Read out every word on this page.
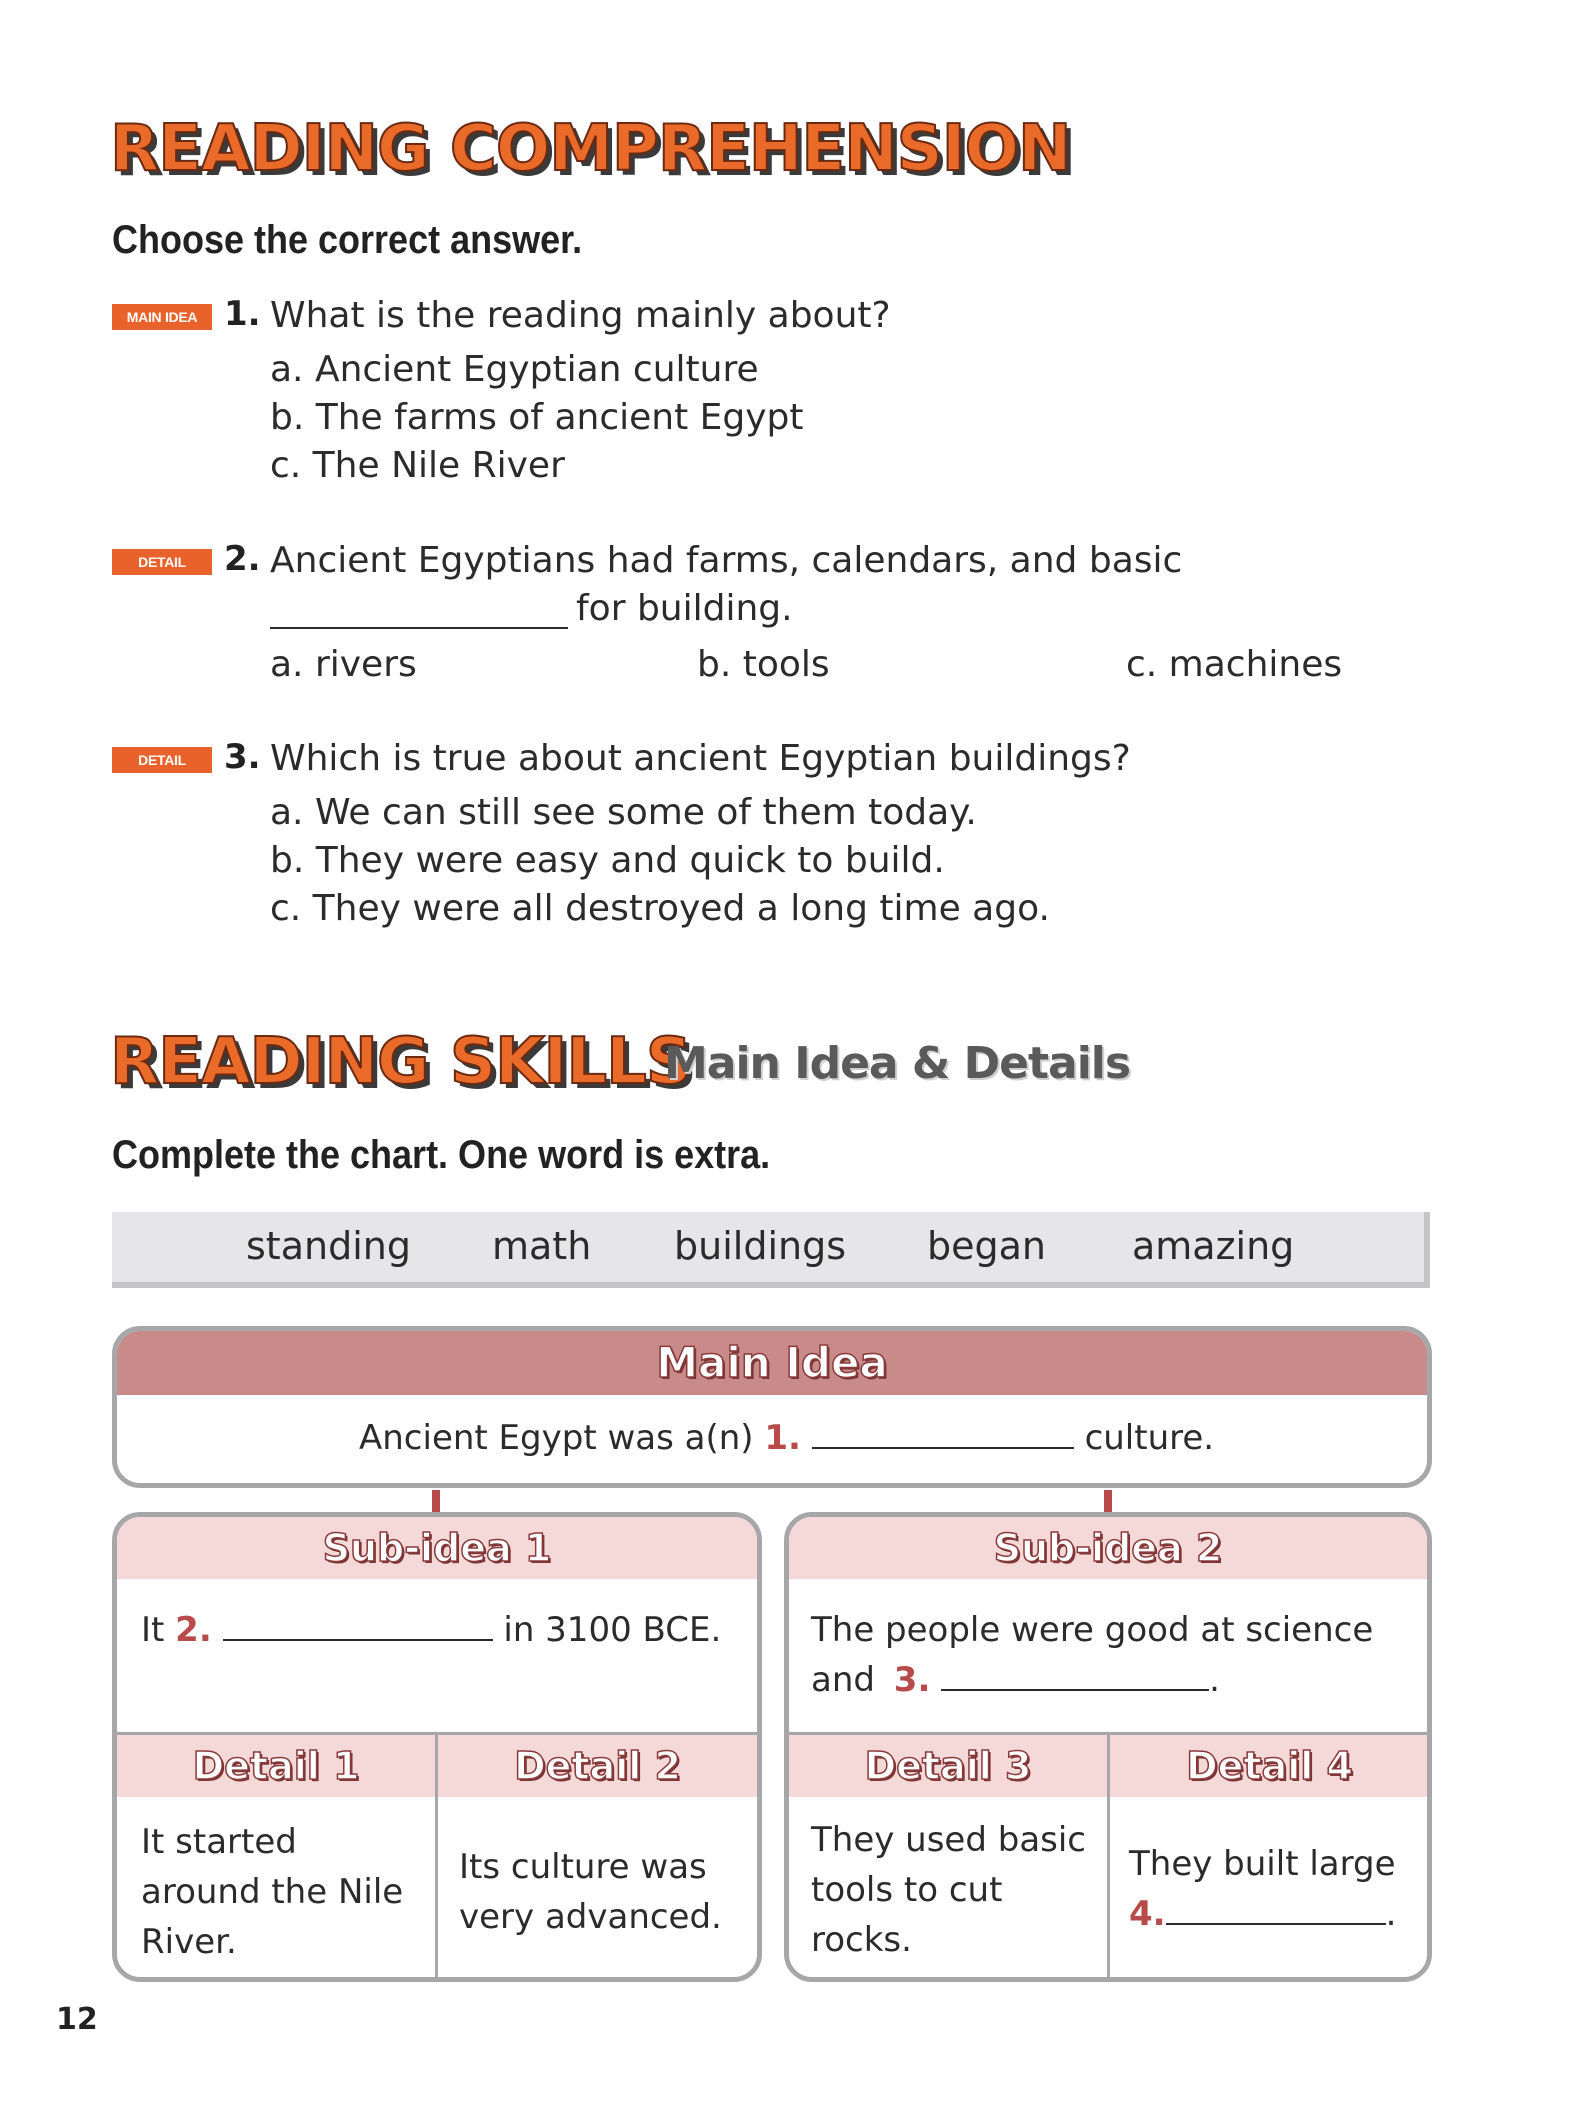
READING COMPREHENSION
Choose the correct answer.
MAIN IDEA 1. What is the reading mainly about?
a. Ancient Egyptian culture
b. The farms of ancient Egypt
c. The Nile River
DETAIL	2. Ancient Egyptians had farms, calendars, and basic
for building.
a. rivers	b. tools	c. machines
DETAIL	3. Which is true about ancient Egyptian buildings?
a. We can still see some of them today.
b. They were easy and quick to build.
c. They were all destroyed a long time ago.
READING SKILLS
Main Idea & Details
Complete the chart. One word is extra.
standing math buildings began amazing
Main Idea
Ancient Egypt was a(n) 1.	culture.
Sub-idea 1
It 2.	in 3100 BCE.
Detail 1	Detail 2
It started
around the Nile
River.
Its culture was
very advanced.
Sub-idea 2
The people were good at science
and 3.	.
Detail 3	Detail 4
They used basic
tools to cut
rocks.
They built large
4.	.
12
